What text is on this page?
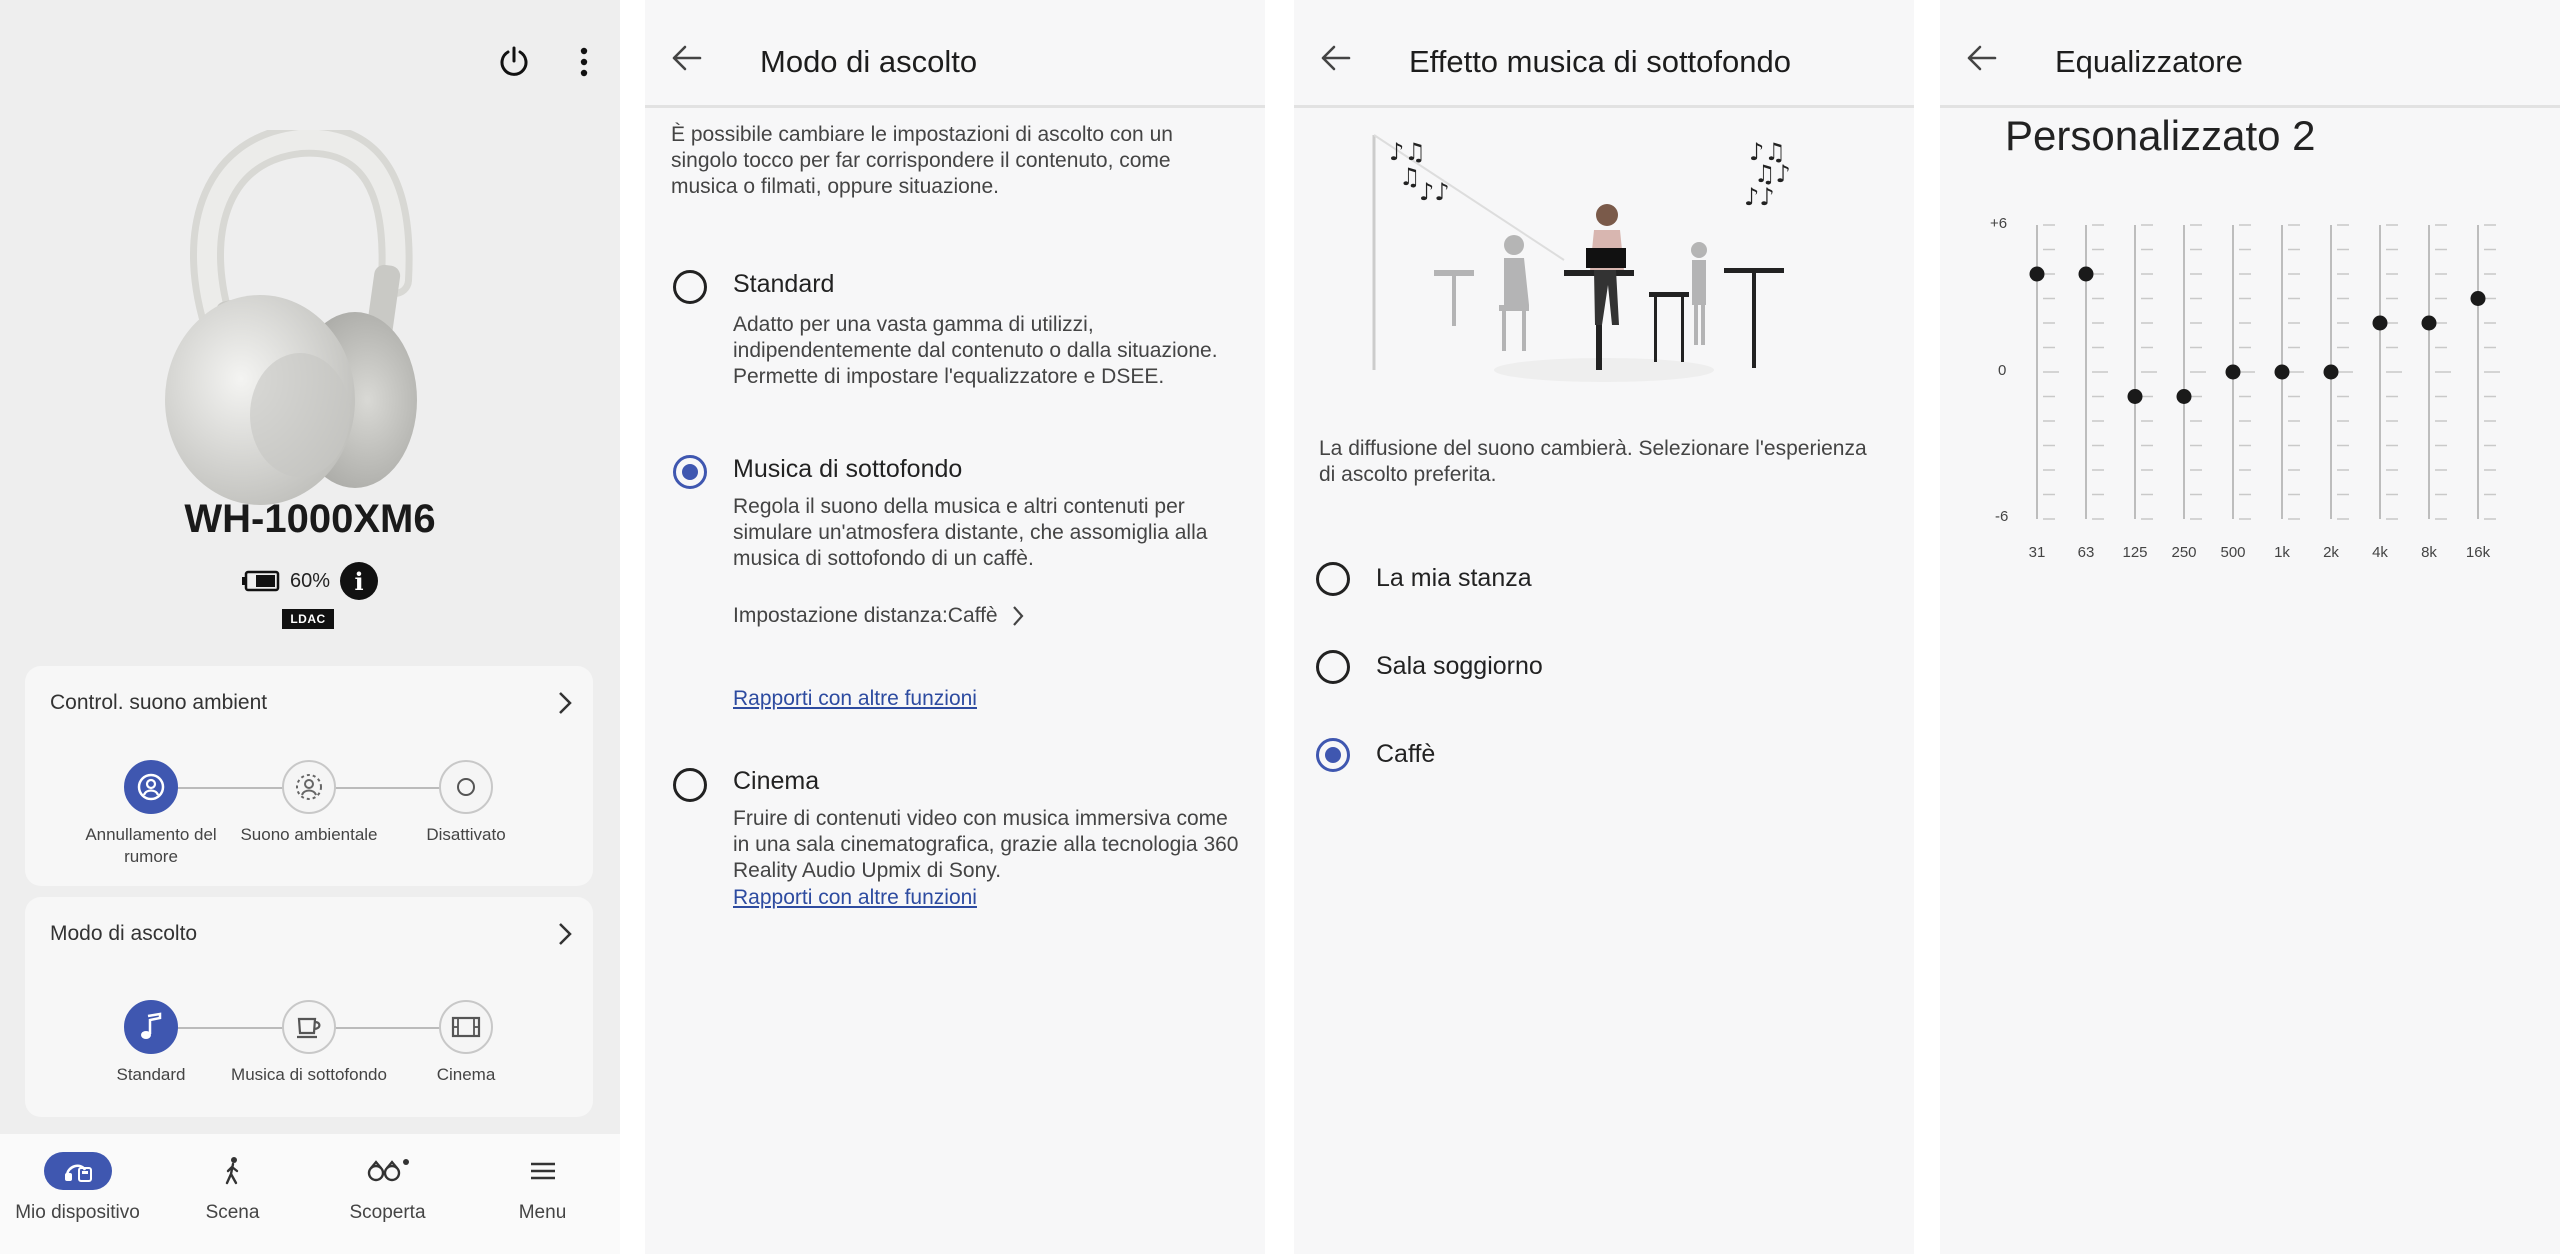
WH-1000XM6
60% i
LDAC
Control. suono ambient
Annullamento del rumore
Suono ambientale	Disattivato
Modo di ascolto
Standard	Musica di sottofondo	Cinema
Mio dispositivo	Scena	Scoperta	Menu
Modo di ascolto
È possibile cambiare le impostazioni di ascolto con un singolo tocco per far corrispondere il contenuto, come musica o filmati, oppure situazione.
Standard
Adatto per una vasta gamma di utilizzi, indipendentemente dal contenuto o dalla situazione. Permette di impostare l'equalizzatore e DSEE.
Musica di sottofondo
Regola il suono della musica e altri contenuti per simulare un'atmosfera distante, che assomiglia alla musica di sottofondo di un caffè.
Impostazione distanza:Caffè
Rapporti con altre funzioni
Cinema
Fruire di contenuti video con musica immersiva come in una sala cinematografica, grazie alla tecnologia 360 Reality Audio Upmix di Sony.
Rapporti con altre funzioni
Effetto musica di sottofondo
♪♫
♫
♪♪
♪♫
♫♪
♪♪
La diffusione del suono cambierà. Selezionare l'esperienza di ascolto preferita.
La mia stanza
Sala soggiorno
Caffè
Equalizzatore
Personalizzato 2
+6
0
-6
31 63 125 250 500 1k 2k 4k 8k 16k
